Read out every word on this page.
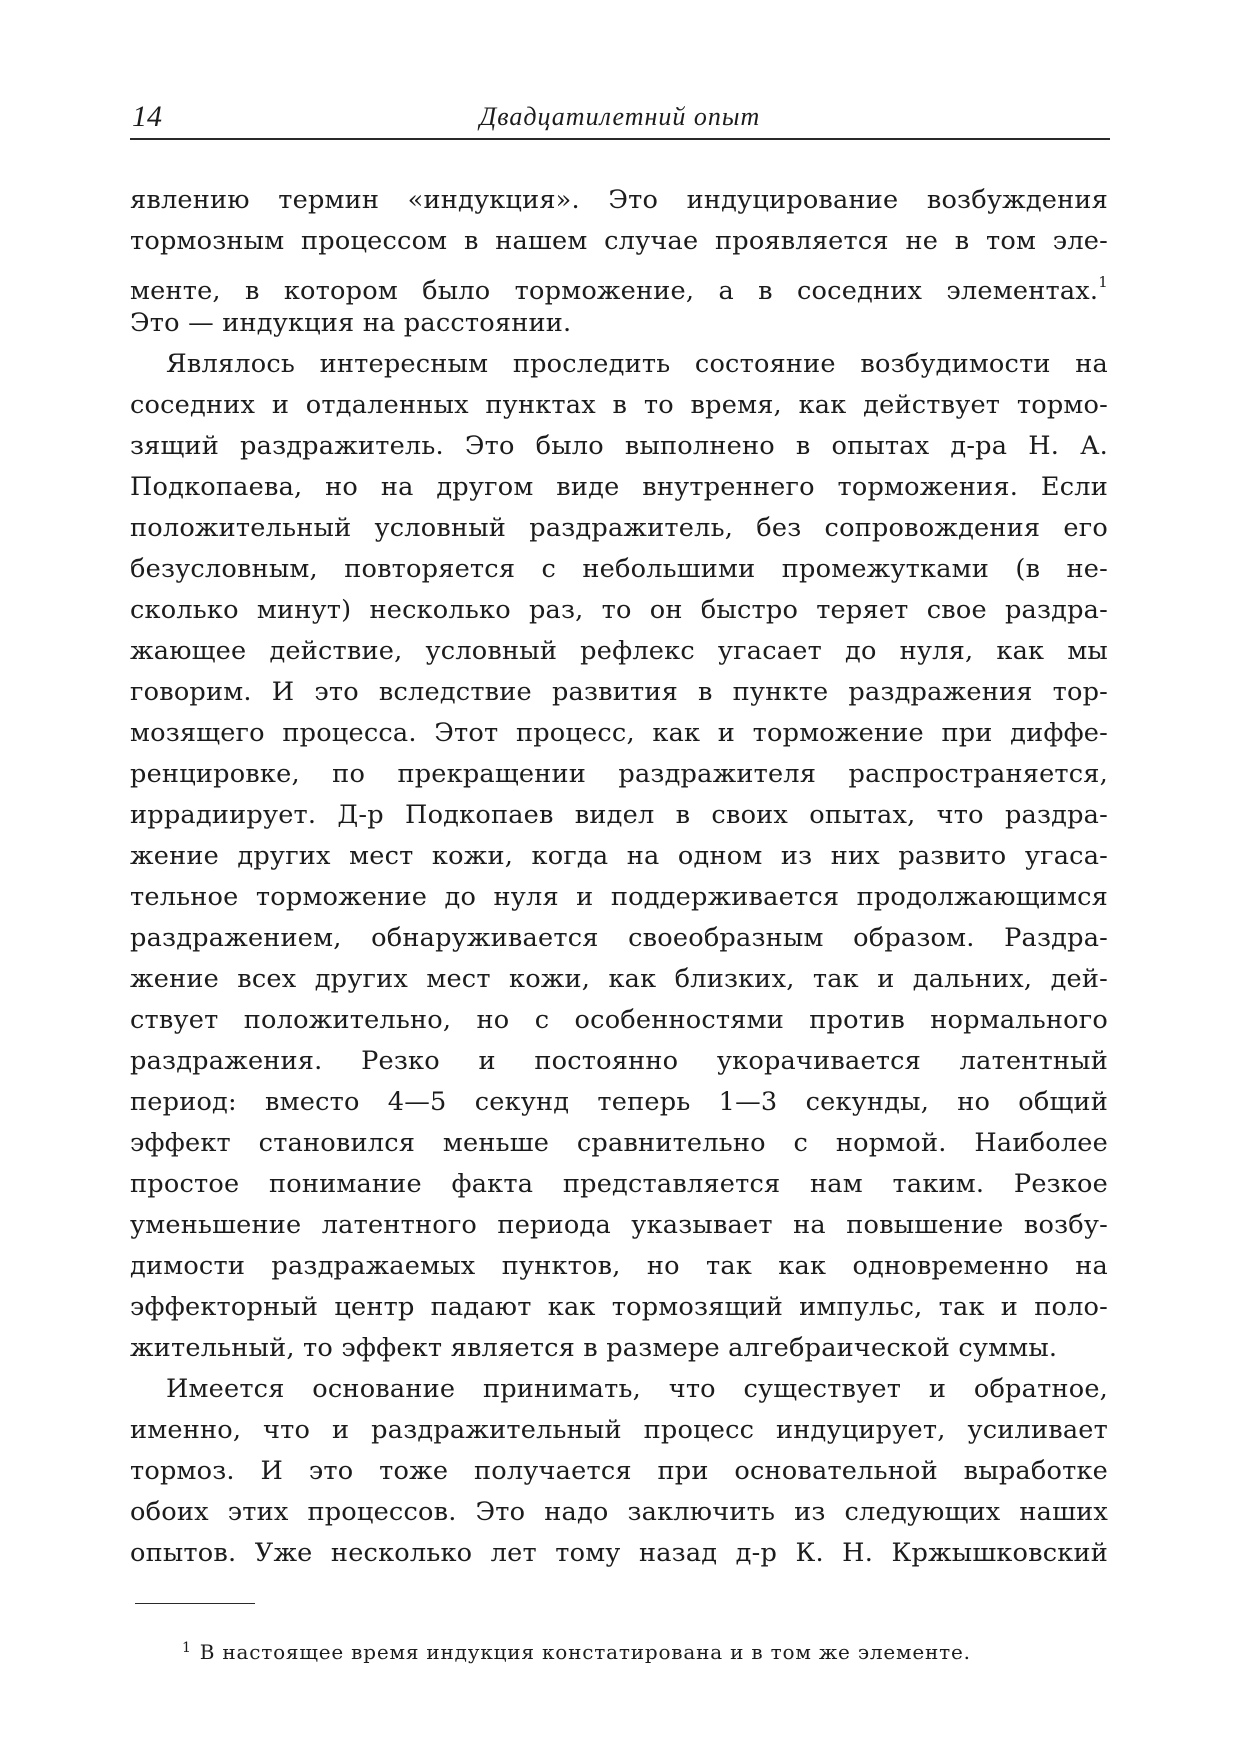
14	Двадцатилетний опыт
явлению термин «индукция». Это индуцирование возбуждения
тормозным процессом в нашем случае проявляется не в том эле-
менте, в котором было торможение, а в соседних элементах.$^1$
Это — индукция на расстоянии.
Являлось интересным проследить состояние возбудимости на
соседних и отдаленных пунктах в то время, как действует тормо-
зящий раздражитель. Это было выполнено в опытах д-ра Н. А.
Подкопаева, но на другом виде внутреннего торможения. Если
положительный условный раздражитель, без сопровождения его
безусловным, повторяется с небольшими промежутками (в не-
сколько минут) несколько раз, то он быстро теряет свое раздра-
жающее действие, условный рефлекс угасает до нуля, как мы
говорим. И это вследствие развития в пункте раздражения тор-
мозящего процесса. Этот процесс, как и торможение при диффе-
ренцировке, по прекращении раздражителя распространяется,
иррадиирует. Д-р Подкопаев видел в своих опытах, что раздра-
жение других мест кожи, когда на одном из них развито угаса-
тельное торможение до нуля и поддерживается продолжающимся
раздражением, обнаруживается своеобразным образом. Раздра-
жение всех других мест кожи, как близких, так и дальних, дей-
ствует положительно, но с особенностями против нормального
раздражения. Резко и постоянно укорачивается латентный
период: вместо 4—5 секунд теперь 1—3 секунды, но общий
эффект становился меньше сравнительно с нормой. Наиболее
простое понимание факта представляется нам таким. Резкое
уменьшение латентного периода указывает на повышение возбу-
димости раздражаемых пунктов, но так как одновременно на
эффекторный центр падают как тормозящий импульс, так и поло-
жительный, то эффект является в размере алгебраической суммы.
Имеется основание принимать, что существует и обратное,
именно, что и раздражительный процесс индуцирует, усиливает
тормоз. И это тоже получается при основательной выработке
обоих этих процессов. Это надо заключить из следующих наших
опытов. Уже несколько лет тому назад д-р К. Н. Кржышковский
$^1$ В настоящее время индукция констатирована и в том же элементе.
